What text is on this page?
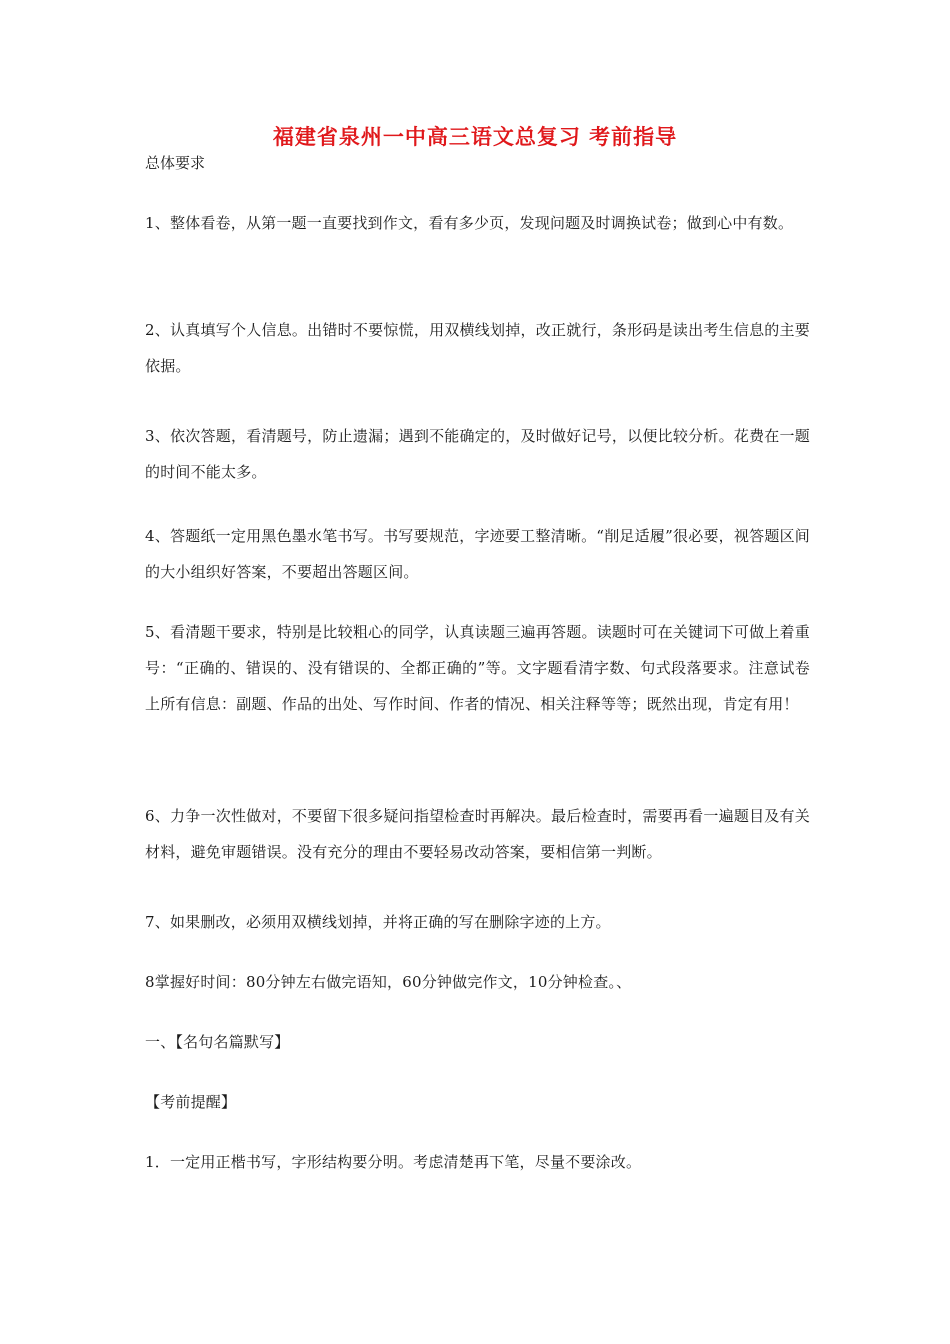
福建省泉州一中高三语文总复习 考前指导
总体要求
1、整体看卷，从第一题一直要找到作文，看有多少页，发现问题及时调换试卷；做到心中有数。
2、认真填写个人信息。出错时不要惊慌，用双横线划掉，改正就行，条形码是读出考生信息的主要依据。
3、依次答题，看清题号，防止遗漏；遇到不能确定的，及时做好记号，以便比较分析。花费在一题的时间不能太多。
4、答题纸一定用黑色墨水笔书写。书写要规范，字迹要工整清晰。“削足适履”很必要，视答题区间的大小组织好答案，不要超出答题区间。
5、看清题干要求，特别是比较粗心的同学，认真读题三遍再答题。读题时可在关键词下可做上着重号：“正确的、错误的、没有错误的、全都正确的”等。文字题看清字数、句式段落要求。注意试卷上所有信息：副题、作品的出处、写作时间、作者的情况、相关注释等等；既然出现，肯定有用！
6、力争一次性做对，不要留下很多疑问指望检查时再解决。最后检查时，需要再看一遍题目及有关材料，避免审题错误。没有充分的理由不要轻易改动答案，要相信第一判断。
7、如果删改，必须用双横线划掉，并将正确的写在删除字迹的上方。
8掌握好时间：80分钟左右做完语知，60分钟做完作文，10分钟检查。、
一、【名句名篇默写】
【考前提醒】
1．一定用正楷书写，字形结构要分明。考虑清楚再下笔，尽量不要涂改。
